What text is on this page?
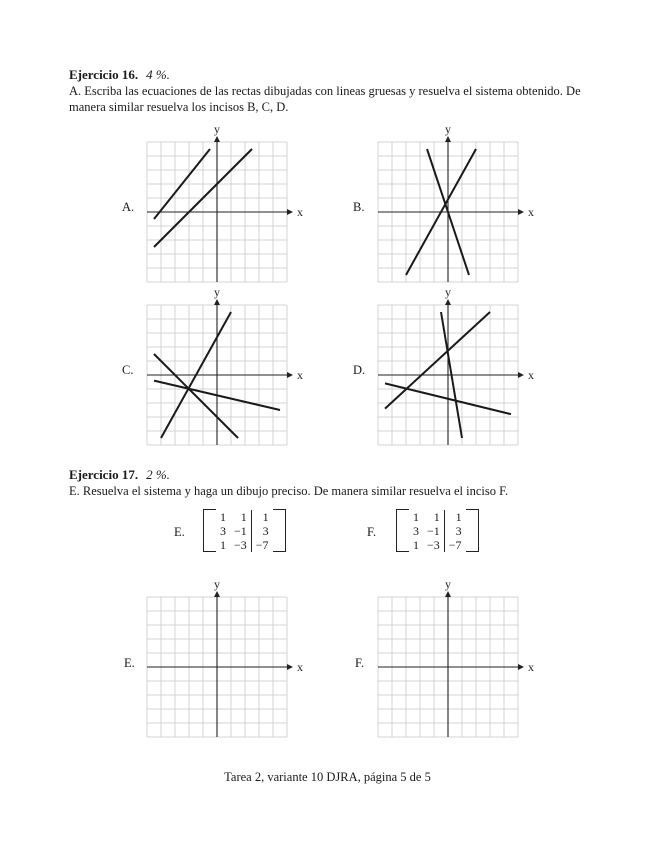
Ejercicio 16. 4 %.
A. Escriba las ecuaciones de las rectas dibujadas con lineas gruesas y resuelva el sistema obtenido. De manera similar resuelva los incisos B, C, D.
A.	B.
C.	D.
x
y
x
y
x
y
x
y
Ejercicio 17. 2 %.
E. Resuelva el sistema y haga un dibujo preciso. De manera similar resuelva el inciso F.
E.
	1	1	1	
	3	−1	3	
	1	−3	−7	
F.
	1	1	1	
	3	−1	3	
	1	−3	−7	
E.	F.
x
y
x
y
Tarea 2, variante 10 DJRA, página 5 de 5
